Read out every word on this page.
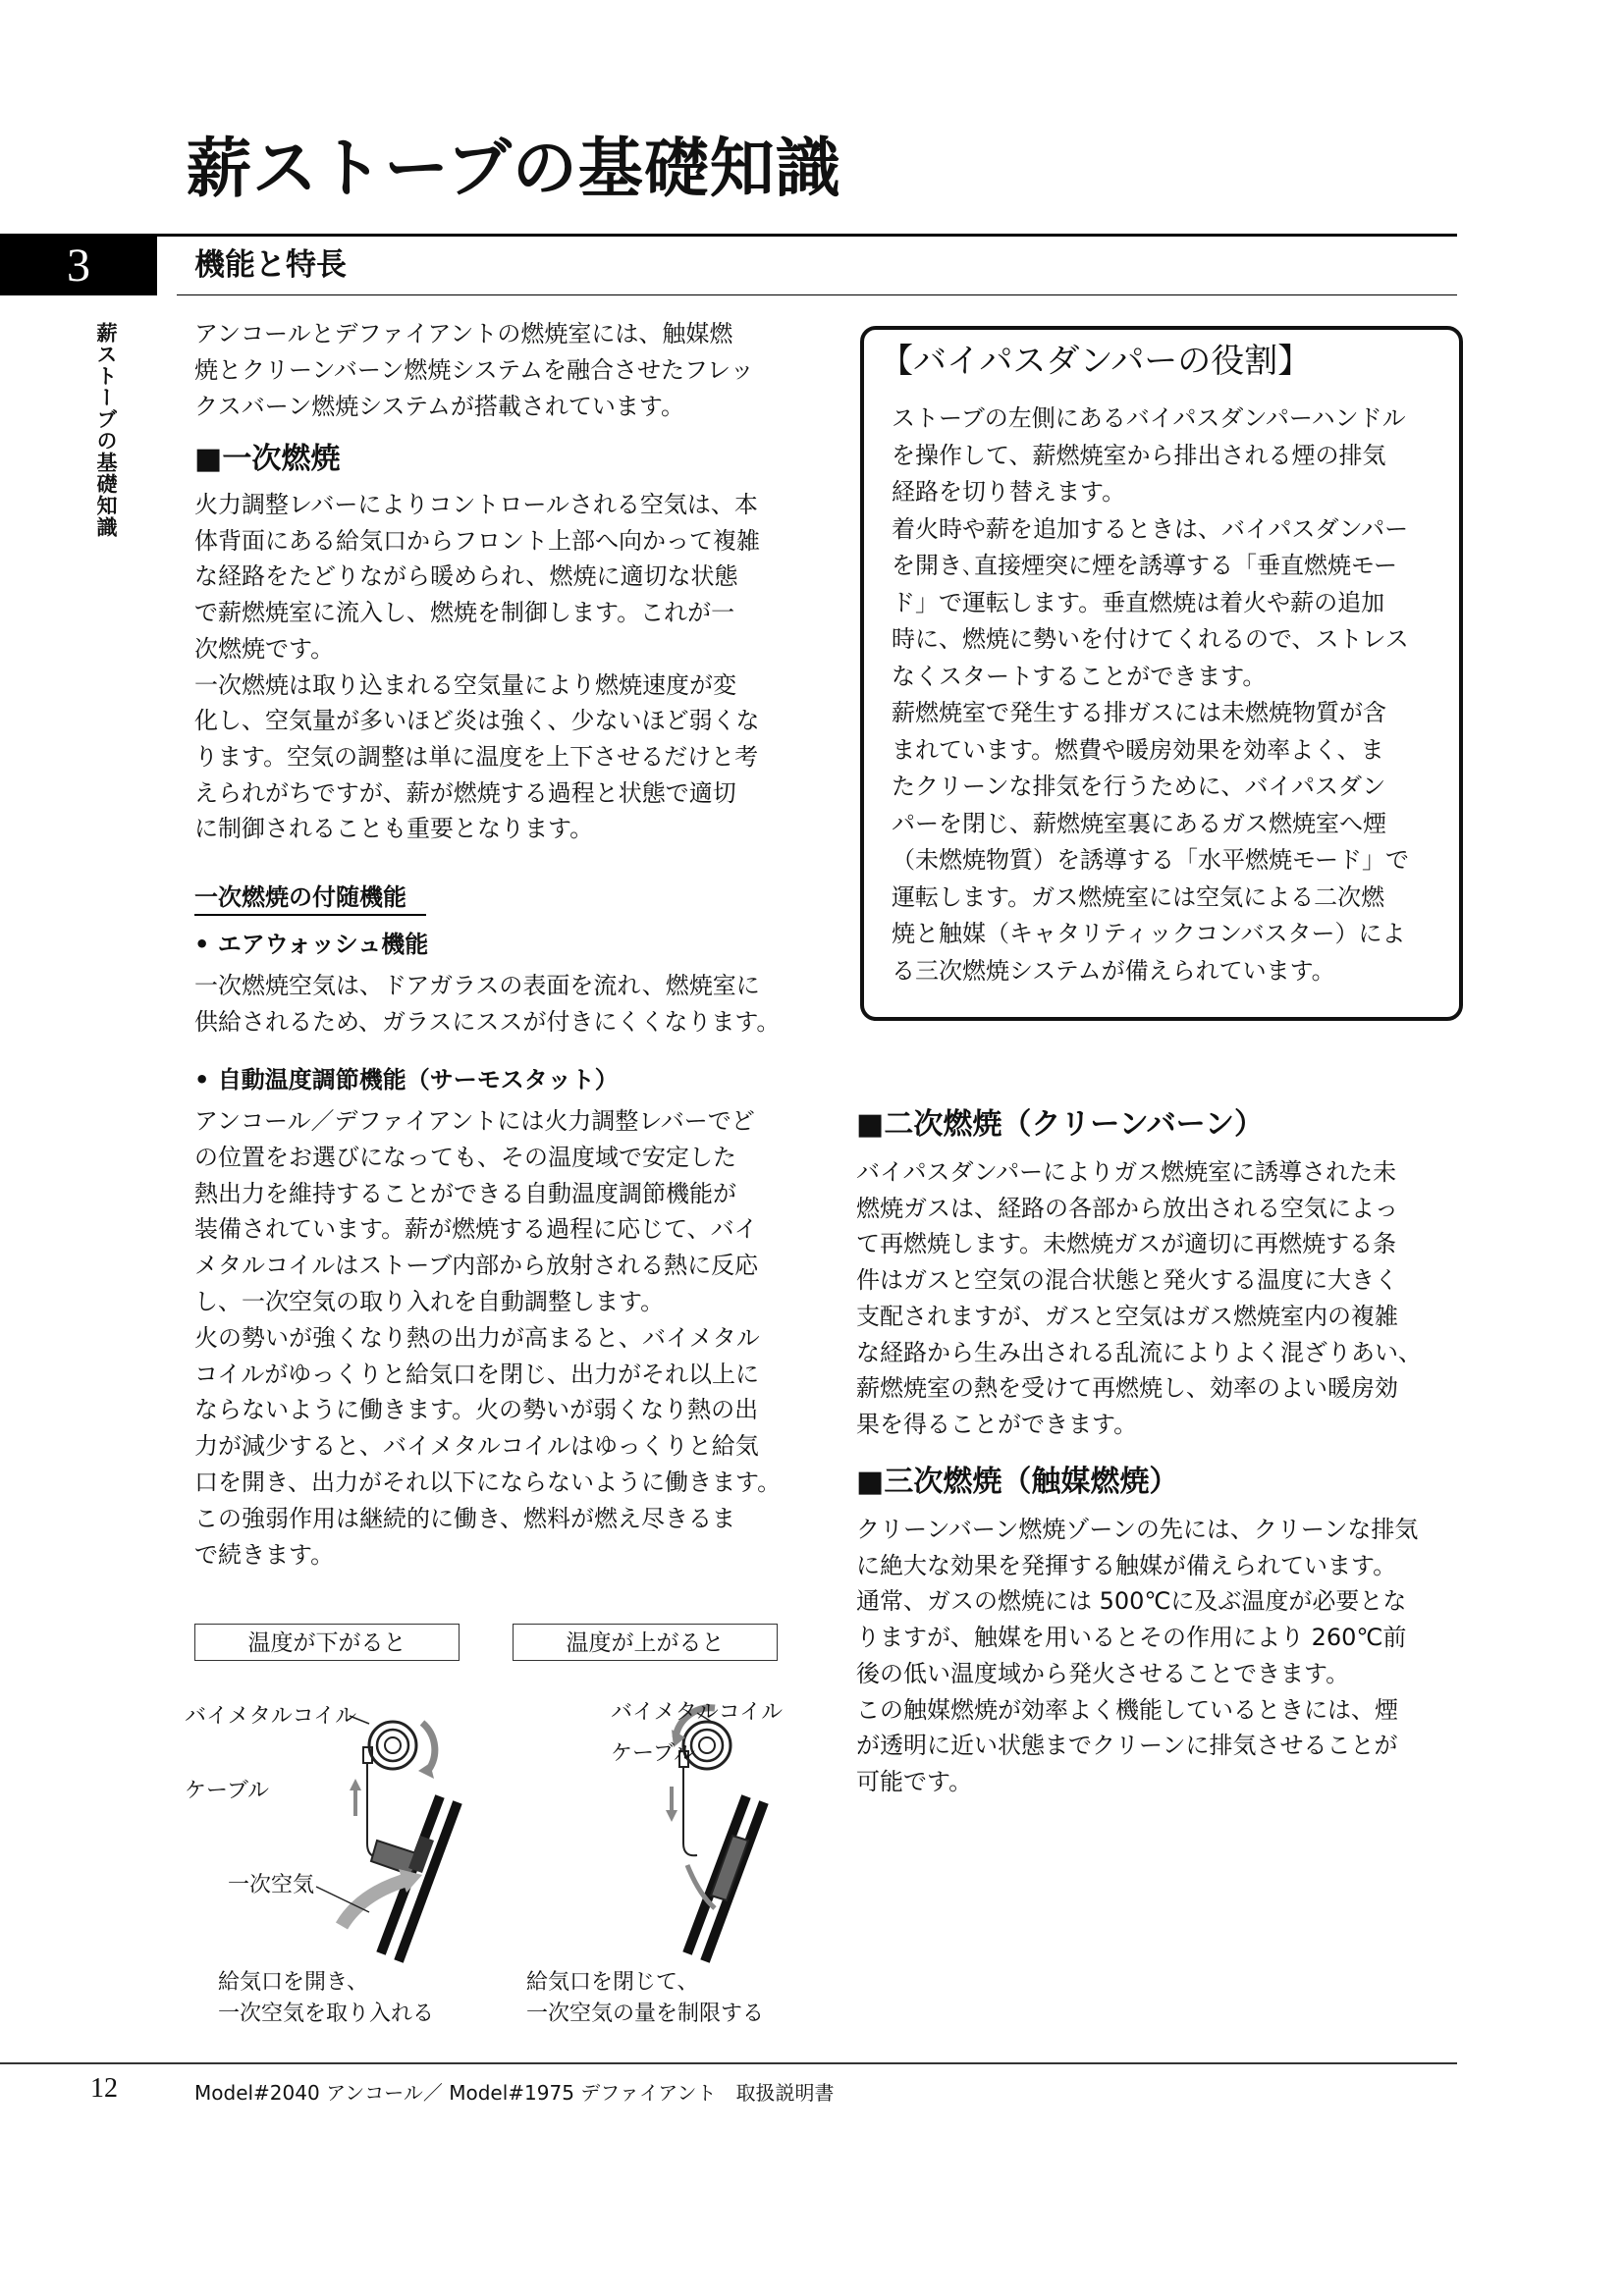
薪ストーブの基礎知識
3	機能と特長
薪ストーブの基礎知識	アンコールとデファイアントの燃焼室には、触媒燃

焼とクリーンバーン燃焼システムを融合させたフレッ

クスバーン燃焼システムが搭載されています。

■一次燃焼

火力調整レバーによりコントロールされる空気は、本

体背面にある給気口からフロント上部へ向かって複雑

な経路をたどりながら暖められ、燃焼に適切な状態

で薪燃焼室に流入し、燃焼を制御します。これが一

次燃焼です。

一次燃焼は取り込まれる空気量により燃焼速度が変

化し、空気量が多いほど炎は強く、少ないほど弱くな

ります。空気の調整は単に温度を上下させるだけと考

えられがちですが、薪が燃焼する過程と状態で適切

に制御されることも重要となります。

一次燃焼の付随機能
• エアウォッシュ機能

一次燃焼空気は、ドアガラスの表面を流れ、燃焼室に

供給されるため、ガラスにススが付きにくくなります。

• 自動温度調節機能（サーモスタット）

アンコール／デファイアントには火力調整レバーでど

の位置をお選びになっても、その温度域で安定した

熱出力を維持することができる自動温度調節機能が

装備されています。薪が燃焼する過程に応じて、バイ

メタルコイルはストーブ内部から放射される熱に反応

し、一次空気の取り入れを自動調整します。

火の勢いが強くなり熱の出力が高まると、バイメタル

コイルがゆっくりと給気口を閉じ、出力がそれ以上に

ならないように働きます。火の勢いが弱くなり熱の出

力が減少すると、バイメタルコイルはゆっくりと給気

口を開き、出力がそれ以下にならないように働きます。

この強弱作用は継続的に働き、燃料が燃え尽きるま

で続きます。

温度が下がると	温度が上がると
バイメタルコイル
ケーブル
一次空気
バイメタルコイル
ケーブル
給気口を開き、
一次空気を取り入れる
給気口を閉じて、
一次空気の量を制限する
【バイパスダンパーの役割】

ストーブの左側にあるバイパスダンパーハンドル

を操作して、薪燃焼室から排出される煙の排気

経路を切り替えます。

着火時や薪を追加するときは、バイパスダンパー

を開き､直接煙突に煙を誘導する「垂直燃焼モー

ド」で運転します。垂直燃焼は着火や薪の追加

時に、燃焼に勢いを付けてくれるので、ストレス

なくスタートすることができます。

薪燃焼室で発生する排ガスには未燃焼物質が含

まれています。燃費や暖房効果を効率よく、ま

たクリーンな排気を行うために、バイパスダン

パーを閉じ、薪燃焼室裏にあるガス燃焼室へ煙

（未燃焼物質）を誘導する「水平燃焼モード」で

運転します。ガス燃焼室には空気による二次燃

焼と触媒（キャタリティックコンバスター）によ

る三次燃焼システムが備えられています。

■二次燃焼（クリーンバーン）

バイパスダンパーによりガス燃焼室に誘導された未

燃焼ガスは、経路の各部から放出される空気によっ

て再燃焼します。未燃焼ガスが適切に再燃焼する条

件はガスと空気の混合状態と発火する温度に大きく

支配されますが、ガスと空気はガス燃焼室内の複雑

な経路から生み出される乱流によりよく混ざりあい、

薪燃焼室の熱を受けて再燃焼し、効率のよい暖房効

果を得ることができます。

■三次燃焼（触媒燃焼）

クリーンバーン燃焼ゾーンの先には、クリーンな排気

に絶大な効果を発揮する触媒が備えられています。

通常、ガスの燃焼には 500℃に及ぶ温度が必要とな

りますが、触媒を用いるとその作用により 260℃前

後の低い温度域から発火させることできます。

この触媒燃焼が効率よく機能しているときには、煙

が透明に近い状態までクリーンに排気させることが

可能です。

12	Model#2040 アンコール／ Model#1975 デファイアント　取扱説明書
